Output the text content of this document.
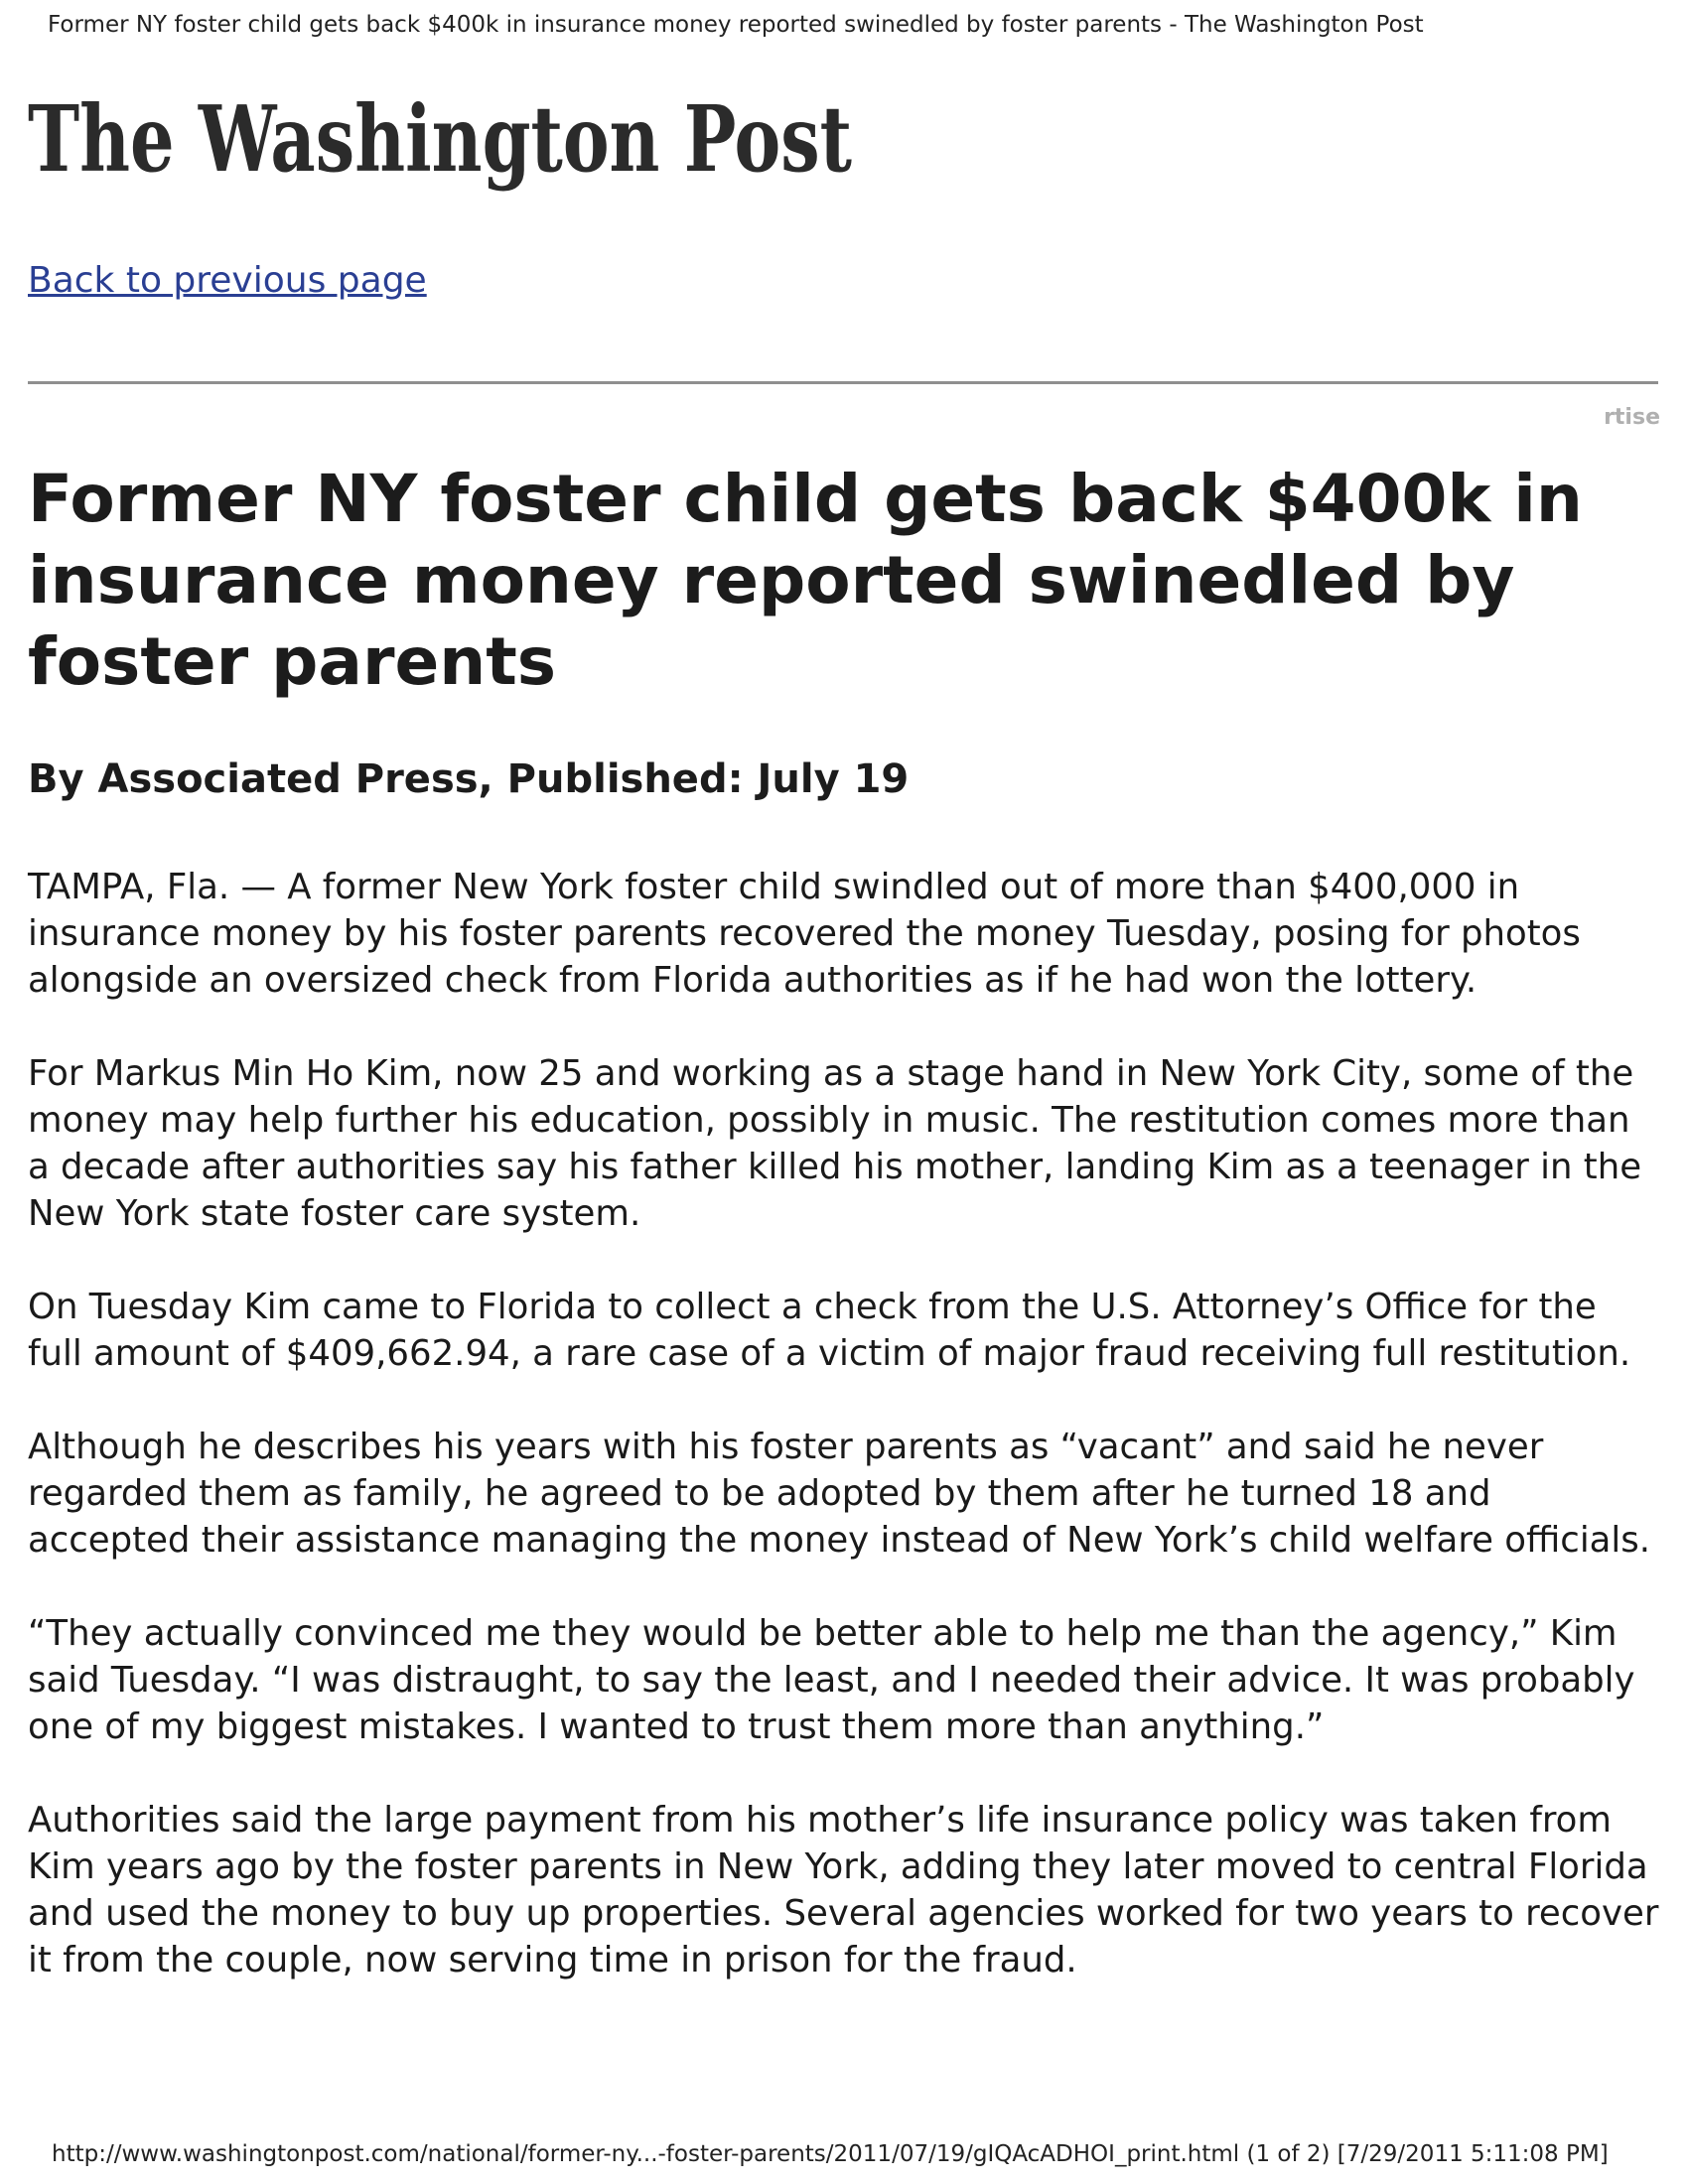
Former NY foster child gets back $400k in insurance money reported swinedled by foster parents - The Washington Post
The Washington Post
Back to previous page
rtise
Former NY foster child gets back $400k in insurance money reported swinedled by foster parents
By Associated Press, Published: July 19

TAMPA, Fla. — A former New York foster child swindled out of more than $400,000 in insurance money by his foster parents recovered the money Tuesday, posing for photos alongside an oversized check from Florida authorities as if he had won the lottery.

For Markus Min Ho Kim, now 25 and working as a stage hand in New York City, some of the money may help further his education, possibly in music. The restitution comes more than a decade after authorities say his father killed his mother, landing Kim as a teenager in the New York state foster care system.

On Tuesday Kim came to Florida to collect a check from the U.S. Attorney’s Office for the full amount of $409,662.94, a rare case of a victim of major fraud receiving full restitution.

Although he describes his years with his foster parents as “vacant” and said he never regarded them as family, he agreed to be adopted by them after he turned 18 and accepted their assistance managing the money instead of New York’s child welfare officials.

“They actually convinced me they would be better able to help me than the agency,” Kim said Tuesday. “I was distraught, to say the least, and I needed their advice. It was probably one of my biggest mistakes. I wanted to trust them more than anything.”

Authorities said the large payment from his mother’s life insurance policy was taken from Kim years ago by the foster parents in New York, adding they later moved to central Florida and used the money to buy up properties. Several agencies worked for two years to recover it from the couple, now serving time in prison for the fraud.

http://www.washingtonpost.com/national/former-ny...-foster-parents/2011/07/19/gIQAcADHOI_print.html (1 of 2) [7/29/2011 5:11:08 PM]
